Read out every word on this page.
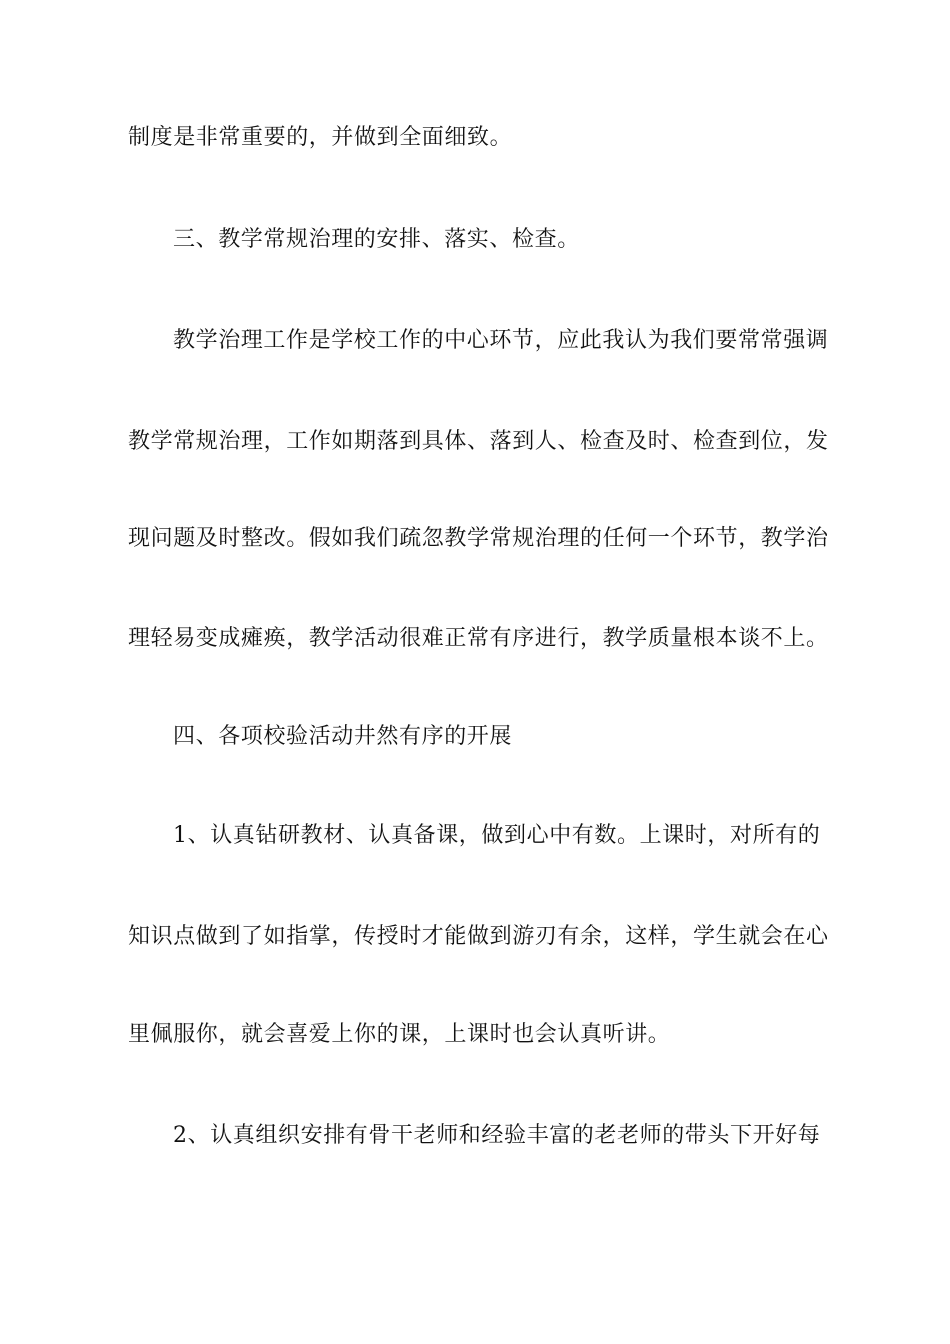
制度是非常重要的，并做到全面细致。
三、教学常规治理的安排、落实、检查。
教学治理工作是学校工作的中心环节，应此我认为我们要常常强调
教学常规治理，工作如期落到具体、落到人、检查及时、检查到位，发
现问题及时整改。假如我们疏忽教学常规治理的任何一个环节，教学治
理轻易变成瘫痪，教学活动很难正常有序进行，教学质量根本谈不上。
四、各项校验活动井然有序的开展
1、认真钻研教材、认真备课，做到心中有数。上课时，对所有的
知识点做到了如指掌，传授时才能做到游刃有余，这样，学生就会在心
里佩服你，就会喜爱上你的课，上课时也会认真听讲。
2、认真组织安排有骨干老师和经验丰富的老老师的带头下开好每
